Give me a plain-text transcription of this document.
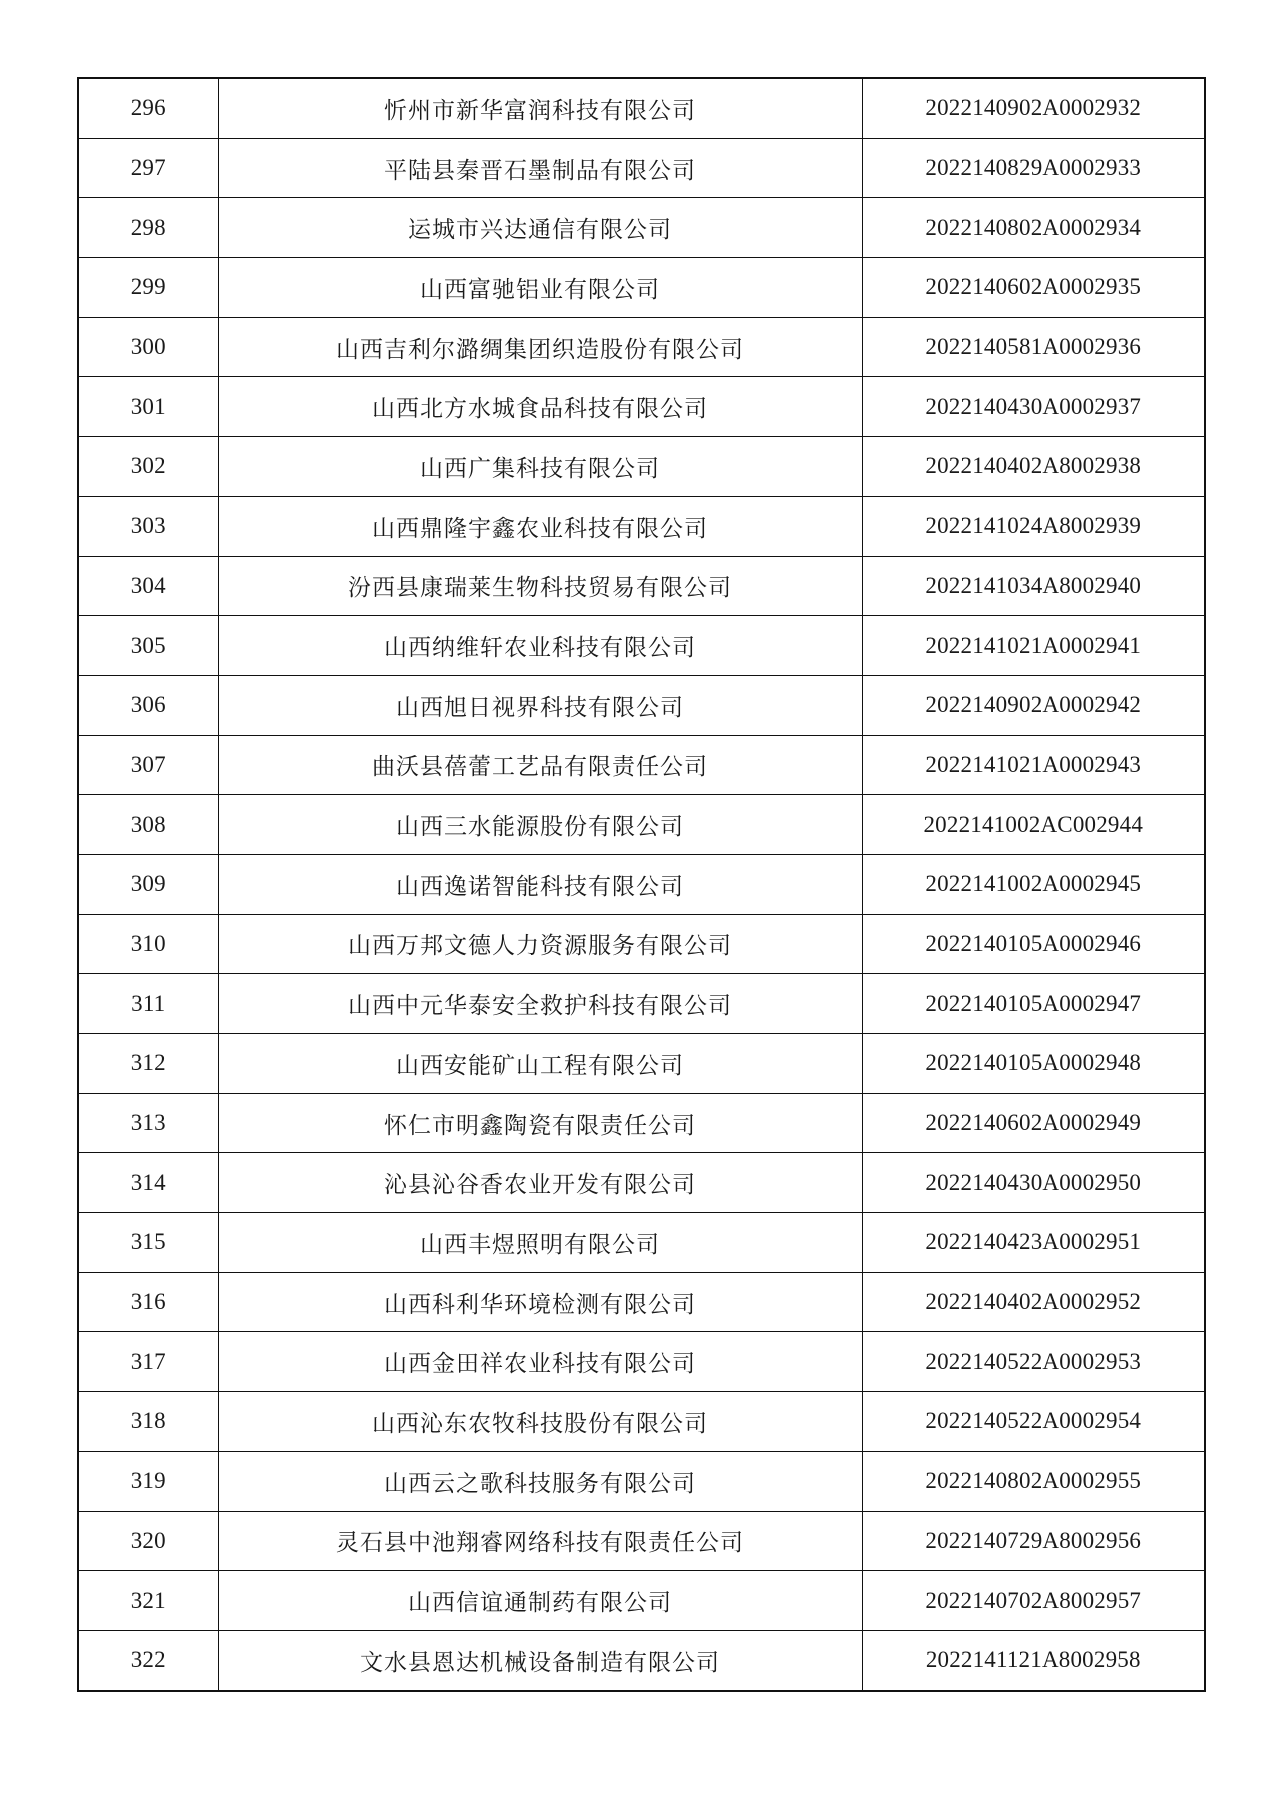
296	忻州市新华富润科技有限公司	2022140902A0002932
297	平陆县秦晋石墨制品有限公司	2022140829A0002933
298	运城市兴达通信有限公司	2022140802A0002934
299	山西富驰铝业有限公司	2022140602A0002935
300	山西吉利尔潞绸集团织造股份有限公司	2022140581A0002936
301	山西北方水城食品科技有限公司	2022140430A0002937
302	山西广集科技有限公司	2022140402A8002938
303	山西鼎隆宇鑫农业科技有限公司	2022141024A8002939
304	汾西县康瑞莱生物科技贸易有限公司	2022141034A8002940
305	山西纳维轩农业科技有限公司	2022141021A0002941
306	山西旭日视界科技有限公司	2022140902A0002942
307	曲沃县蓓蕾工艺品有限责任公司	2022141021A0002943
308	山西三水能源股份有限公司	2022141002AC002944
309	山西逸诺智能科技有限公司	2022141002A0002945
310	山西万邦文德人力资源服务有限公司	2022140105A0002946
311	山西中元华泰安全救护科技有限公司	2022140105A0002947
312	山西安能矿山工程有限公司	2022140105A0002948
313	怀仁市明鑫陶瓷有限责任公司	2022140602A0002949
314	沁县沁谷香农业开发有限公司	2022140430A0002950
315	山西丰煜照明有限公司	2022140423A0002951
316	山西科利华环境检测有限公司	2022140402A0002952
317	山西金田祥农业科技有限公司	2022140522A0002953
318	山西沁东农牧科技股份有限公司	2022140522A0002954
319	山西云之歌科技服务有限公司	2022140802A0002955
320	灵石县中池翔睿网络科技有限责任公司	2022140729A8002956
321	山西信谊通制药有限公司	2022140702A8002957
322	文水县恩达机械设备制造有限公司	2022141121A8002958
